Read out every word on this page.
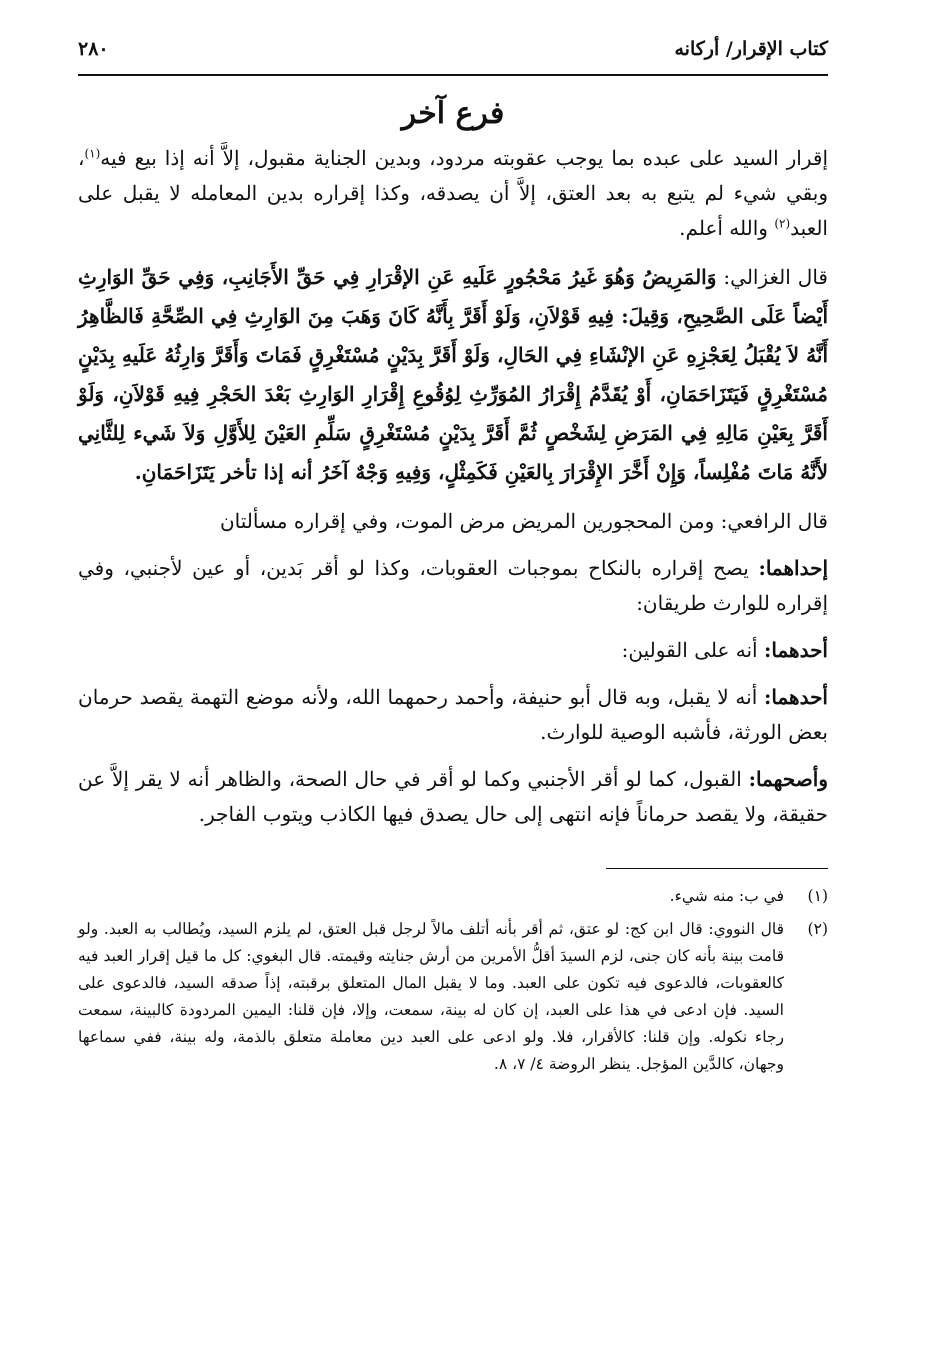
كتاب الإقرار/ أركانه
٢٨٠
فرع آخر

إقرار السيد على عبده بما يوجب عقوبته مردود، وبدين الجناية مقبول، إلاَّ أنه إذا بيع فيه$^{(١)}$، وبقي شيء لم يتبع به بعد العتق، إلاَّ أن يصدقه، وكذا إقراره بدين المعامله لا يقبل على العبد$^{(٢)}$ والله أعلم.

قال الغزالي: وَالمَرِيضُ وَهُوَ غَيرُ مَحْجُورٍ عَلَيهِ عَنِ الإقْرَارِ فِي حَقِّ الأَجَانِبِ، وَفِي حَقِّ الوَارِثِ أَيْضاً عَلَى الصَّحِيحِ، وَقِيلَ: فِيهِ قَوْلاَنِ، وَلَوْ أَقَرَّ بِأَنَّهُ كَانَ وَهَبَ مِنَ الوَارِثِ فِي الصِّحَّةِ فَالظَّاهِرُ أَنَّهُ لاَ يُقْبَلُ لِعَجْزِهِ عَنِ الإنْشَاءِ فِي الحَالِ، وَلَوْ أَقَرَّ بِدَيْنٍ مُسْتَغْرِقٍ فَمَاتَ وَأَقَرَّ وَارِثُهُ عَلَيهِ بِدَيْنٍ مُسْتَغْرِقٍ فَيَتَزَاحَمَانِ، أَوْ يُقَدَّمُ إِقْرَارُ المُوَرِّثِ لِوُقُوعِ إِقْرَارِ الوَارِثِ بَعْدَ الحَجْرِ فِيهِ قَوْلاَنِ، وَلَوْ أَقَرَّ بِعَيْنِ مَالِهِ فِي المَرَضِ لِشَخْصٍ ثُمَّ أَقَرَّ بِدَيْنٍ مُسْتَغْرِقٍ سَلِّمِ العَيْنَ لِلأَوَّلِ وَلاَ شَيء لِلثَّانِي لأَنَّهُ مَاتَ مُفْلِساً، وَإِنْ أَخَّرَ الإِقْرَارَ بِالعَيْنِ فَكَمِثْلٍ، وَفِيهِ وَجْهٌ آخَرُ أنه إذا تأخر يَتَزَاحَمَانِ.

قال الرافعي: ومن المحجورين المريض مرض الموت، وفي إقراره مسألتان

إحداهما: يصح إقراره بالنكاح بموجبات العقوبات، وكذا لو أقر بَدين، أو عين لأجنبي، وفي إقراره للوارث طريقان:

أحدهما: أنه على القولين:

أحدهما: أنه لا يقبل، وبه قال أبو حنيفة، وأحمد رحمهما الله، ولأنه موضع التهمة يقصد حرمان بعض الورثة، فأشبه الوصية للوارث.

وأصحهما: القبول، كما لو أقر الأجنبي وكما لو أقر في حال الصحة، والظاهر أنه لا يقر إلاَّ عن حقيقة، ولا يقصد حرماناً فإنه انتهى إلى حال يصدق فيها الكاذب ويتوب الفاجر.

(١)
في ب: منه شيء.
(٢)
قال النووي: قال ابن كج: لو عتق، ثم أقر بأنه أتلف مالاً لرجل قبل العتق، لم يلزم السيد، ويُطالب به العبد. ولو قامت بينة بأنه كان جنى، لزم السيدَ أقلُّ الأمرين من أرش جنايته وقيمته. قال البغوي: كل ما قيل إقرار العبد فيه كالعقوبات، فالدعوى فيه تكون على العبد. وما لا يقبل المال المتعلق برقبته، إذاً صدقه السيد، فالدعوى على السيد. فإن ادعى في هذا على العبد، إن كان له بينة، سمعت، وإلا، فإن قلنا: اليمين المردودة كالبينة، سمعت رجاء نكوله. وإن قلنا: كالأقرار، فلا. ولو ادعى على العبد دين معاملة متعلق بالذمة، وله بينة، ففي سماعها وجهان، كالدَّين المؤجل. ينظر الروضة ٤/ ٧، ٨.
